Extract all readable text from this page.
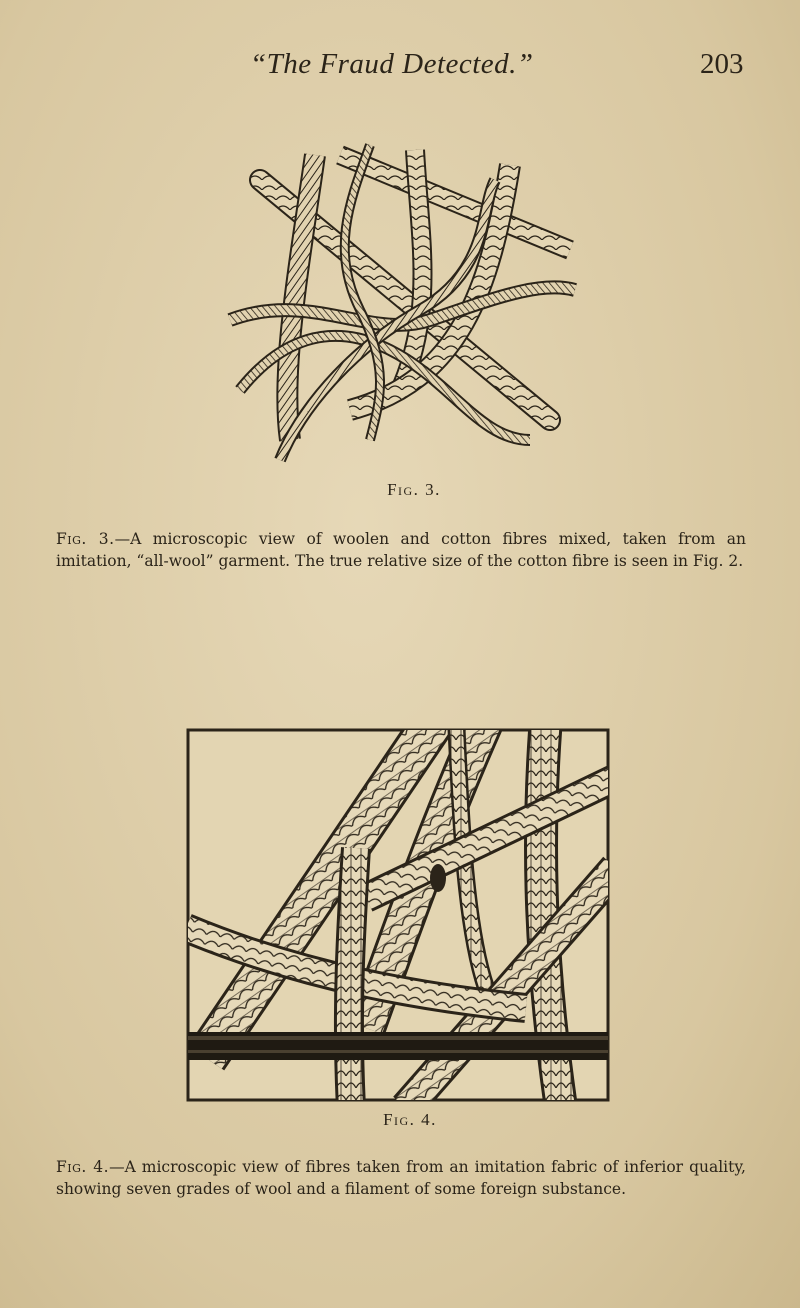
“The Fraud Detected.”	203
Fig. 3.
Fig. 3.—A microscopic view of woolen and cotton fibres mixed, taken from an imitation, “all-wool” garment. The true relative size of the cotton fibre is seen in Fig. 2.
Fig. 4.
Fig. 4.—A microscopic view of fibres taken from an imitation fabric of inferior quality, showing seven grades of wool and a filament of some foreign substance.
